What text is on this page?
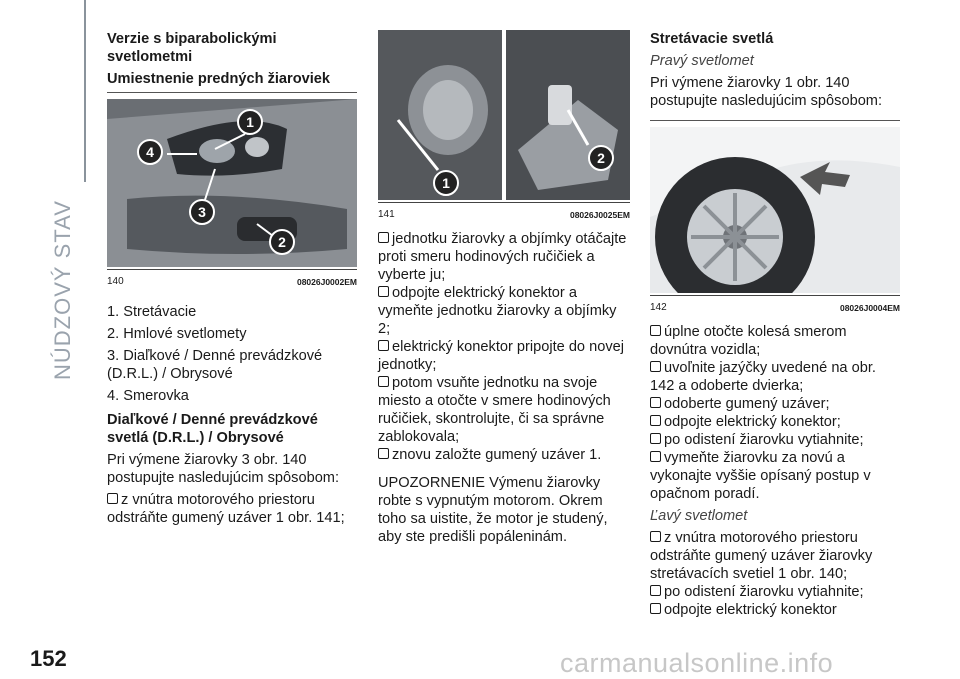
NÚDZOVÝ STAV
152	carmanualsonline.info
Verzie s biparabolickými svetlometmi
Umiestnenie predných žiaroviek
1
2
3
4
140	08026J0002EM

1. Stretávacie

2. Hmlové svetlomety

3. Diaľkové / Denné prevádzkové (D.R.L.) / Obrysové

4. Smerovka

Diaľkové / Denné prevádzkové svetlá (D.R.L.) / Obrysové

Pri výmene žiarovky 3 obr. 140 postupujte nasledujúcim spôsobom:

z vnútra motorového priestoru odstráňte gumený uzáver 1 obr. 141;

1
2
141	08026J0025EM

jednotku žiarovky a objímky otáčajte proti smeru hodinových ručičiek a vyberte ju;

odpojte elektrický konektor a vymeňte jednotku žiarovky a objímky 2;

elektrický konektor pripojte do novej jednotky;

potom vsuňte jednotku na svoje miesto a otočte v smere hodinových ručičiek, skontrolujte, či sa správne zablokovala;

znovu založte gumený uzáver 1.

UPOZORNENIE Výmenu žiarovky robte s vypnutým motorom. Okrem toho sa uistite, že motor je studený, aby ste predišli popáleninám.

Stretávacie svetlá
Pravý svetlomet

Pri výmene žiarovky 1 obr. 140 postupujte nasledujúcim spôsobom:

142	08026J0004EM

úplne otočte kolesá smerom dovnútra vozidla;

uvoľnite jazýčky uvedené na obr. 142 a odoberte dvierka;

odoberte gumený uzáver;

odpojte elektrický konektor;

po odistení žiarovku vytiahnite;

vymeňte žiarovku za novú a vykonajte vyššie opísaný postup v opačnom poradí.

Ľavý svetlomet

z vnútra motorového priestoru odstráňte gumený uzáver žiarovky stretávacích svetiel 1 obr. 140;

po odistení žiarovku vytiahnite;

odpojte elektrický konektor
